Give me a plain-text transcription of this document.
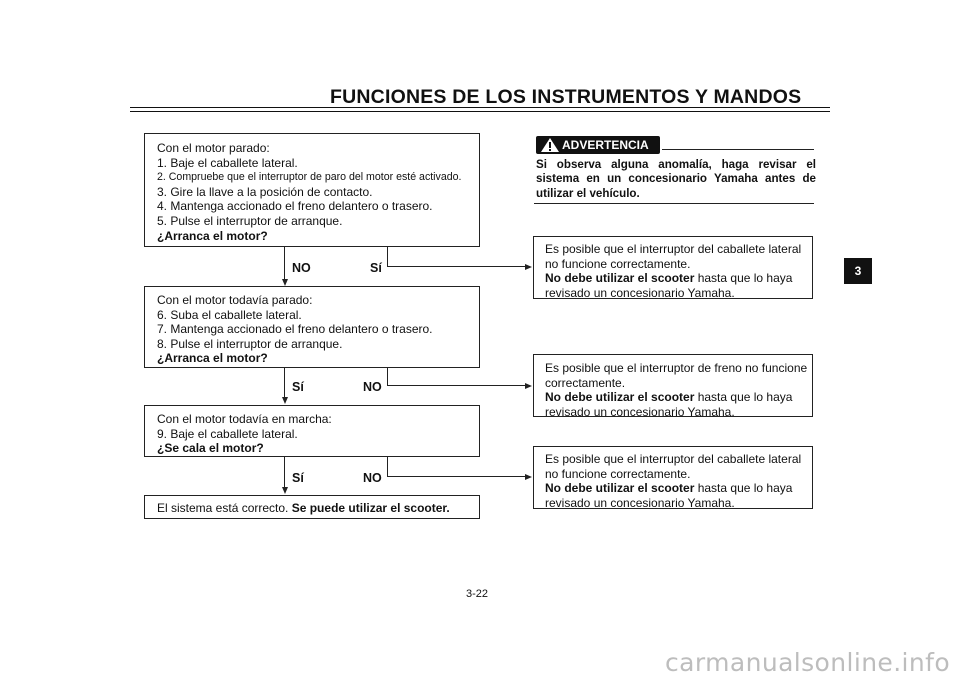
FUNCIONES DE LOS INSTRUMENTOS Y MANDOS
3
Con el motor parado:
1. Baje el caballete lateral.
2. Compruebe que el interruptor de paro del motor esté activado.
3. Gire la llave a la posición de contacto.
4. Mantenga accionado el freno delantero o trasero.
5. Pulse el interruptor de arranque.
¿Arranca el motor?
NO	Sí
Con el motor todavía parado:
6. Suba el caballete lateral.
7. Mantenga accionado el freno delantero o trasero.
8. Pulse el interruptor de arranque.
¿Arranca el motor?
Sí	NO
Con el motor todavía en marcha:
9. Baje el caballete lateral.
¿Se cala el motor?
Sí	NO
El sistema está correcto. Se puede utilizar el scooter.
ADVERTENCIA
Si observa alguna anomalía, haga revisar el sistema en un concesionario Yamaha antes de utilizar el vehículo.
Es posible que el interruptor del caballete lateral
no funcione correctamente.
No debe utilizar el scooter hasta que lo haya
revisado un concesionario Yamaha.
Es posible que el interruptor de freno no funcione
correctamente.
No debe utilizar el scooter hasta que lo haya
revisado un concesionario Yamaha.
Es posible que el interruptor del caballete lateral
no funcione correctamente.
No debe utilizar el scooter hasta que lo haya
revisado un concesionario Yamaha.
3-22
carmanualsonline.info
